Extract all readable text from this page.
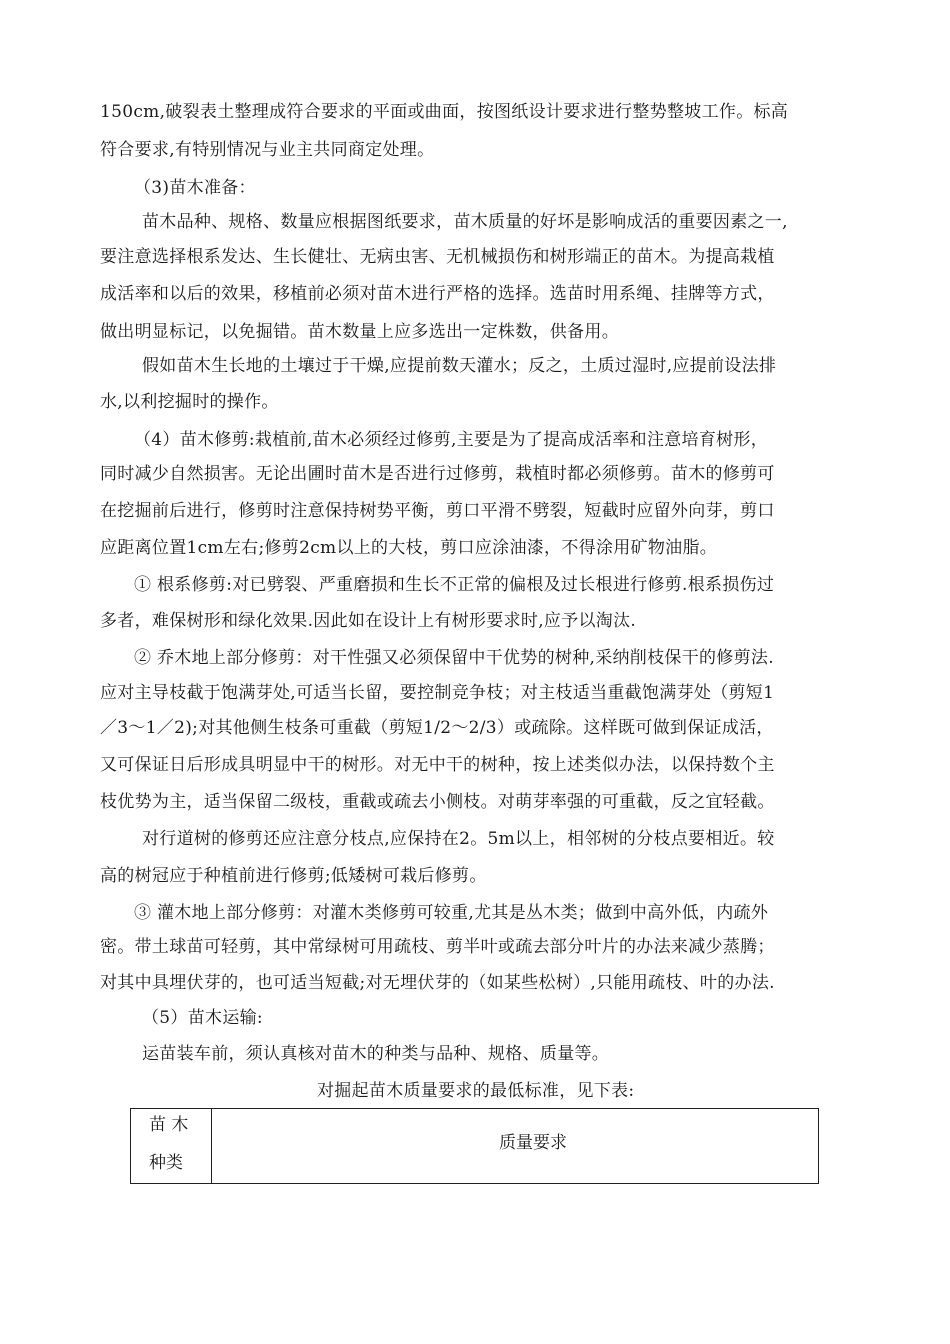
150cm,破裂表土整理成符合要求的平面或曲面，按图纸设计要求进行整势整坡工作。标高
符合要求,有特别情况与业主共同商定处理。
（3)苗木准备：
苗木品种、规格、数量应根据图纸要求，苗木质量的好坏是影响成活的重要因素之一,
要注意选择根系发达、生长健壮、无病虫害、无机械损伤和树形端正的苗木。为提高栽植
成活率和以后的效果，移植前必须对苗木进行严格的选择。选苗时用系绳、挂牌等方式，
做出明显标记，以免掘错。苗木数量上应多选出一定株数，供备用。
假如苗木生长地的土壤过于干燥,应提前数天灌水；反之，土质过湿时,应提前设法排
水,以利挖掘时的操作。
（4）苗木修剪:栽植前,苗木必须经过修剪,主要是为了提高成活率和注意培育树形，
同时减少自然损害。无论出圃时苗木是否进行过修剪，栽植时都必须修剪。苗木的修剪可
在挖掘前后进行，修剪时注意保持树势平衡，剪口平滑不劈裂，短截时应留外向芽，剪口
应距离位置1cm左右;修剪2cm以上的大枝，剪口应涂油漆，不得涂用矿物油脂。
① 根系修剪:对已劈裂、严重磨损和生长不正常的偏根及过长根进行修剪.根系损伤过
多者，难保树形和绿化效果.因此如在设计上有树形要求时,应予以淘汰.
② 乔木地上部分修剪：对干性强又必须保留中干优势的树种,采纳削枝保干的修剪法.
应对主导枝截于饱满芽处,可适当长留，要控制竞争枝；对主枝适当重截饱满芽处（剪短1
／3～1／2);对其他侧生枝条可重截（剪短1/2～2/3）或疏除。这样既可做到保证成活，
又可保证日后形成具明显中干的树形。对无中干的树种，按上述类似办法，以保持数个主
枝优势为主，适当保留二级枝，重截或疏去小侧枝。对萌芽率强的可重截，反之宜轻截。
对行道树的修剪还应注意分枝点,应保持在2。5m以上，相邻树的分枝点要相近。较
高的树冠应于种植前进行修剪;低矮树可栽后修剪。
③ 灌木地上部分修剪：对灌木类修剪可较重,尤其是丛木类；做到中高外低，内疏外
密。带土球苗可轻剪，其中常绿树可用疏枝、剪半叶或疏去部分叶片的办法来减少蒸腾；
对其中具埋伏芽的，也可适当短截;对无埋伏芽的（如某些松树）,只能用疏枝、叶的办法.
（5）苗木运输:
运苗装车前，须认真核对苗木的种类与品种、规格、质量等。
对掘起苗木质量要求的最低标准，见下表:
苗 木
种类
质量要求
